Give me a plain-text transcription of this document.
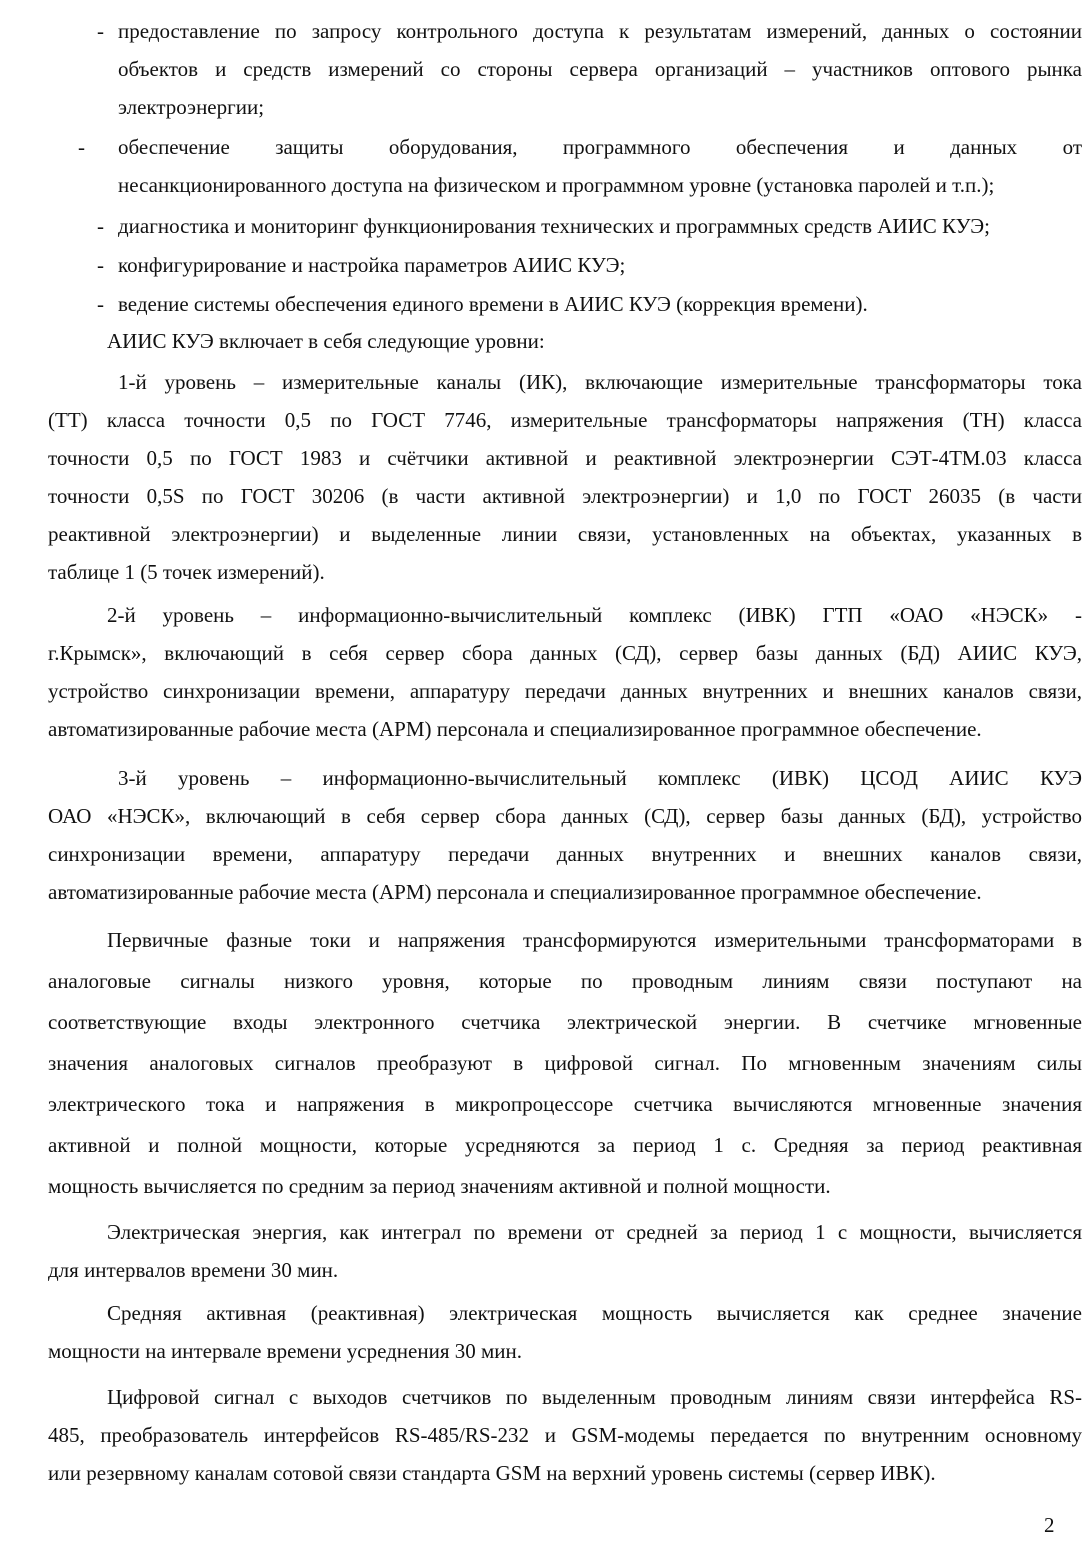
- предоставление по запросу контрольного доступа к результатам измерений, данных о состоянии
объектов и средств измерений со стороны сервера организаций – участников оптового рынка
электроэнергии;
- обеспечение защиты оборудования, программного обеспечения и данных от
несанкционированного доступа на физическом и программном уровне (установка паролей и т.п.);
- диагностика и мониторинг функционирования технических и программных средств АИИС КУЭ;
- конфигурирование и настройка параметров АИИС КУЭ;
- ведение системы обеспечения единого времени в АИИС КУЭ (коррекция времени).
АИИС КУЭ включает в себя следующие уровни:
1-й уровень – измерительные каналы (ИК), включающие измерительные трансформаторы тока
(ТТ) класса точности 0,5 по ГОСТ 7746, измерительные трансформаторы напряжения (ТН) класса
точности 0,5 по ГОСТ 1983 и счётчики активной и реактивной электроэнергии СЭТ-4ТМ.03 класса
точности 0,5S по ГОСТ 30206 (в части активной электроэнергии) и 1,0 по ГОСТ 26035 (в части
реактивной электроэнергии) и выделенные линии связи, установленных на объектах, указанных в
таблице 1 (5 точек измерений).
2-й уровень – информационно-вычислительный комплекс (ИВК) ГТП «ОАО «НЭСК» -
г.Крымск», включающий в себя сервер сбора данных (СД), сервер базы данных (БД) АИИС КУЭ,
устройство синхронизации времени, аппаратуру передачи данных внутренних и внешних каналов связи,
автоматизированные рабочие места (АРМ) персонала и специализированное программное обеспечение.
3-й уровень – информационно-вычислительный комплекс (ИВК) ЦСОД АИИС КУЭ
ОАО «НЭСК», включающий в себя сервер сбора данных (СД), сервер базы данных (БД), устройство
синхронизации времени, аппаратуру передачи данных внутренних и внешних каналов связи,
автоматизированные рабочие места (АРМ) персонала и специализированное программное обеспечение.
Первичные фазные токи и напряжения трансформируются измерительными трансформаторами в
аналоговые сигналы низкого уровня, которые по проводным линиям связи поступают на
соответствующие входы электронного счетчика электрической энергии. В счетчике мгновенные
значения аналоговых сигналов преобразуют в цифровой сигнал. По мгновенным значениям силы
электрического тока и напряжения в микропроцессоре счетчика вычисляются мгновенные значения
активной и полной мощности, которые усредняются за период 1 с. Средняя за период реактивная
мощность вычисляется по средним за период значениям активной и полной мощности.
Электрическая энергия, как интеграл по времени от средней за период 1 с мощности, вычисляется
для интервалов времени 30 мин.
Средняя активная (реактивная) электрическая мощность вычисляется как среднее значение
мощности на интервале времени усреднения 30 мин.
Цифровой сигнал с выходов счетчиков по выделенным проводным линиям связи интерфейса RS-
485, преобразователь интерфейсов RS-485/RS-232 и GSM-модемы передается по внутренним основному
или резервному каналам сотовой связи стандарта GSM на верхний уровень системы (сервер ИВК).
2
